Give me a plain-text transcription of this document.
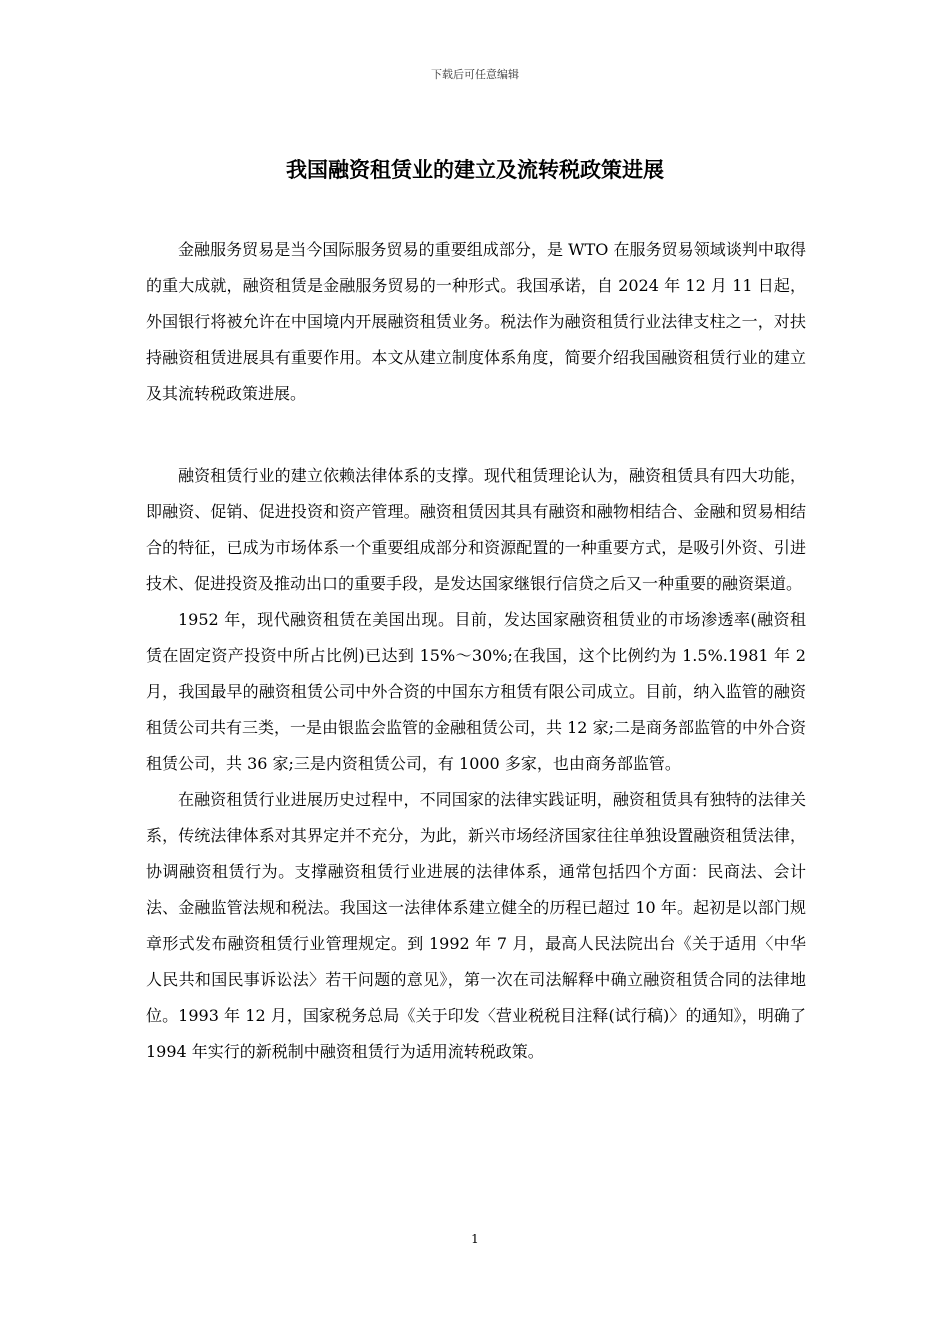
下载后可任意编辑
我国融资租赁业的建立及流转税政策进展

金融服务贸易是当今国际服务贸易的重要组成部分，是 WTO 在服务贸易领域谈判中取得的重大成就，融资租赁是金融服务贸易的一种形式。我国承诺，自 2024 年 12 月 11 日起，外国银行将被允许在中国境内开展融资租赁业务。税法作为融资租赁行业法律支柱之一，对扶持融资租赁进展具有重要作用。本文从建立制度体系角度，简要介绍我国融资租赁行业的建立及其流转税政策进展。

融资租赁行业的建立依赖法律体系的支撑。现代租赁理论认为，融资租赁具有四大功能，即融资、促销、促进投资和资产管理。融资租赁因其具有融资和融物相结合、金融和贸易相结合的特征，已成为市场体系一个重要组成部分和资源配置的一种重要方式，是吸引外资、引进技术、促进投资及推动出口的重要手段，是发达国家继银行信贷之后又一种重要的融资渠道。

1952 年，现代融资租赁在美国出现。目前，发达国家融资租赁业的市场渗透率(融资租赁在固定资产投资中所占比例)已达到 15%～30%;在我国，这个比例约为 1.5%.1981 年 2 月，我国最早的融资租赁公司中外合资的中国东方租赁有限公司成立。目前，纳入监管的融资租赁公司共有三类，一是由银监会监管的金融租赁公司，共 12 家;二是商务部监管的中外合资租赁公司，共 36 家;三是内资租赁公司，有 1000 多家，也由商务部监管。

在融资租赁行业进展历史过程中，不同国家的法律实践证明，融资租赁具有独特的法律关系，传统法律体系对其界定并不充分，为此，新兴市场经济国家往往单独设置融资租赁法律，协调融资租赁行为。支撑融资租赁行业进展的法律体系，通常包括四个方面：民商法、会计法、金融监管法规和税法。我国这一法律体系建立健全的历程已超过 10 年。起初是以部门规章形式发布融资租赁行业管理规定。到 1992 年 7 月，最高人民法院出台《关于适用〈中华人民共和国民事诉讼法〉若干问题的意见》，第一次在司法解释中确立融资租赁合同的法律地位。1993 年 12 月，国家税务总局《关于印发〈营业税税目注释(试行稿)〉的通知》，明确了 1994 年实行的新税制中融资租赁行为适用流转税政策。

1
